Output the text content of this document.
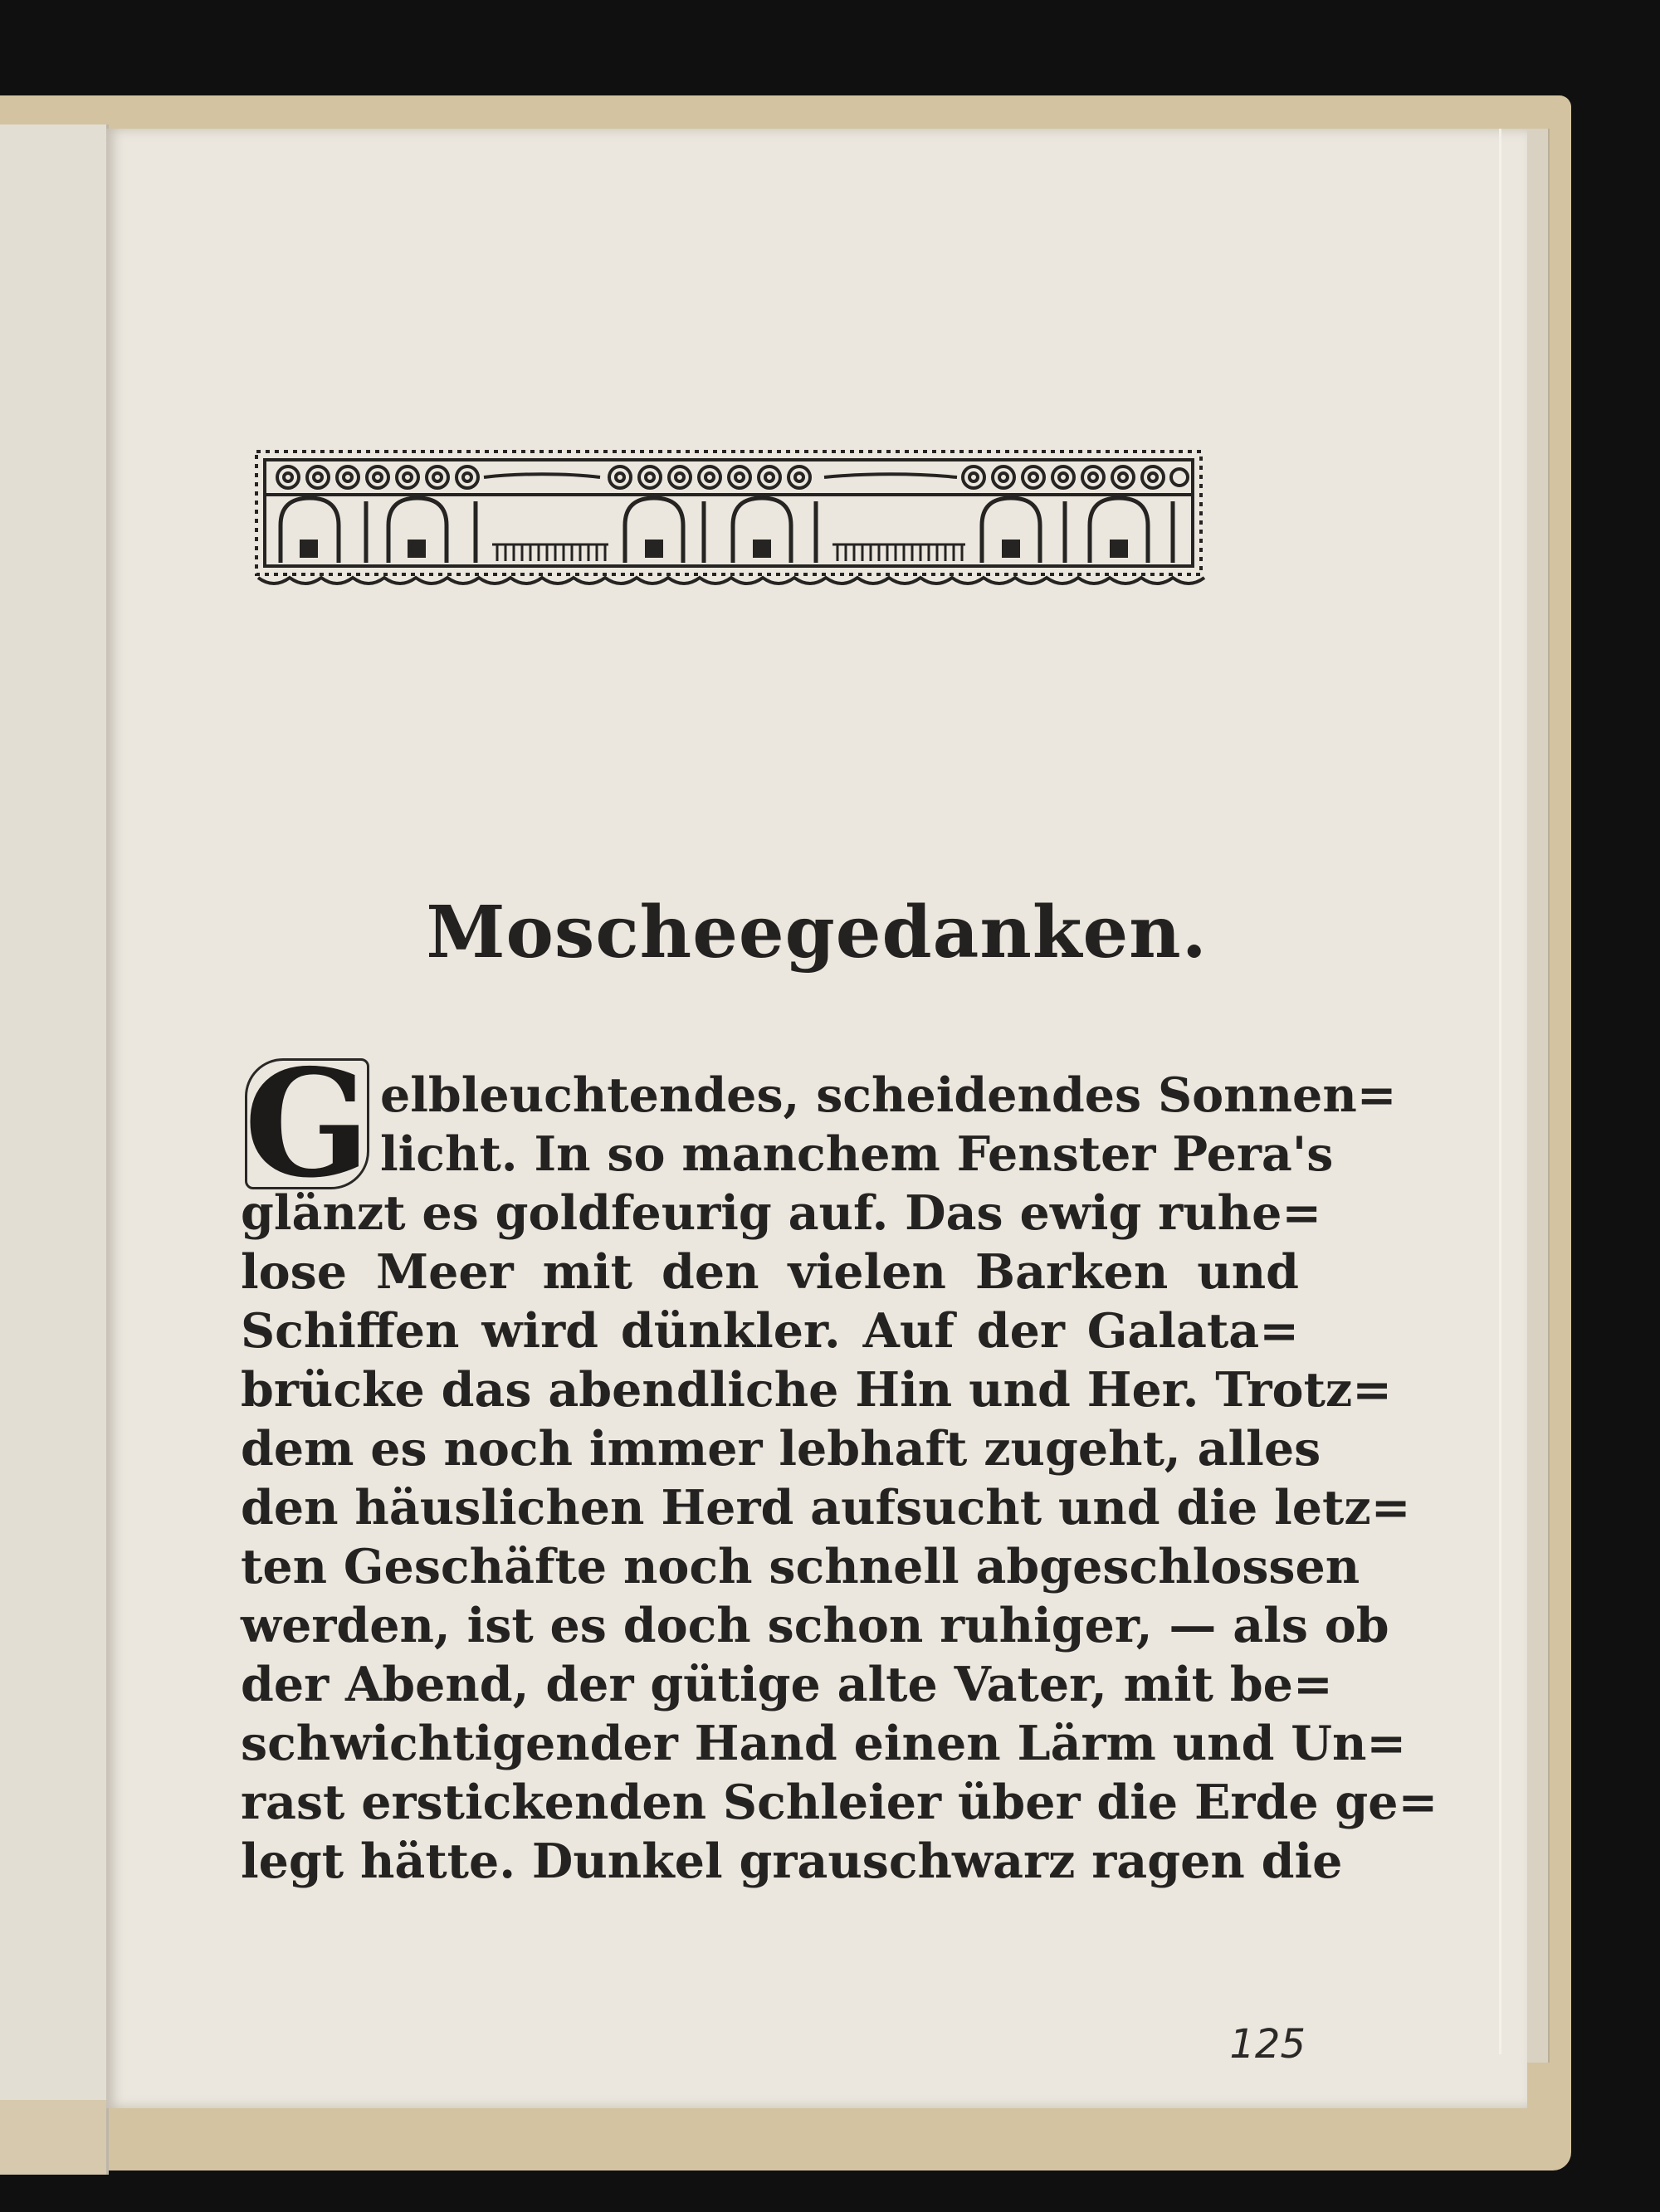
Moscheegedanken.
G elbleuchtendes, scheidendes Sonnen=

licht. In so manchem Fenster Pera's

glänzt es goldfeurig auf. Das ewig ruhe=

lose Meer mit den vielen Barken und

Schiffen wird dünkler. Auf der Galata=

brücke das abendliche Hin und Her. Trotz=

dem es noch immer lebhaft zugeht, alles

den häuslichen Herd aufsucht und die letz=

ten Geschäfte noch schnell abgeschlossen

werden, ist es doch schon ruhiger, — als ob

der Abend, der gütige alte Vater, mit be=

schwichtigender Hand einen Lärm und Un=

rast erstickenden Schleier über die Erde ge=

legt hätte. Dunkel grauschwarz ragen die

125
